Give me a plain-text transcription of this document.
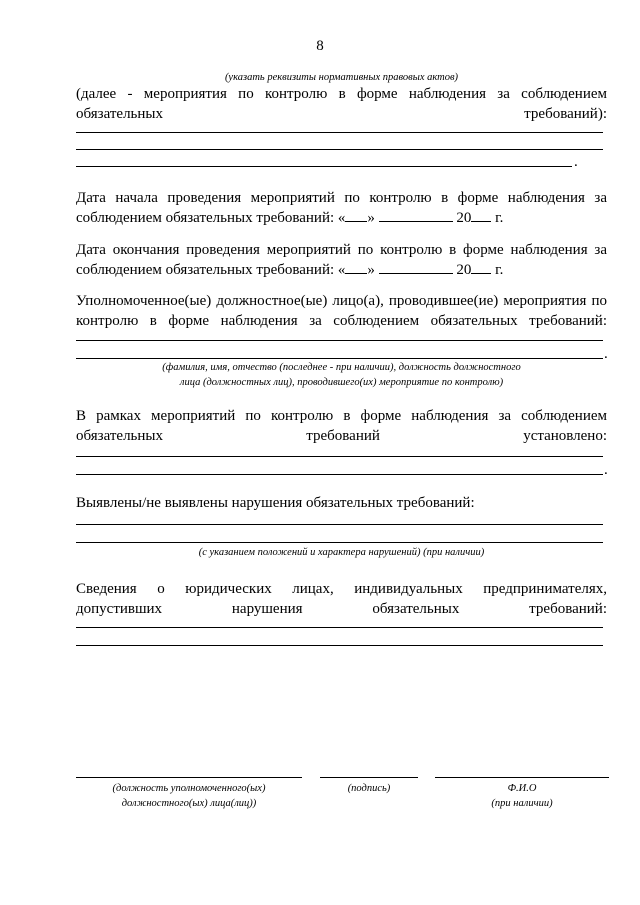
8
(указать реквизиты нормативных правовых актов)
(далее - мероприятия по контролю в форме наблюдения за соблюдением обязательных требований):
.
Дата начала проведения мероприятий по контролю в форме наблюдения за соблюдением обязательных требований: « »	20 г.
Дата окончания проведения мероприятий по контролю в форме наблюдения за соблюдением обязательных требований: « »	20 г.
Уполномоченное(ые) должностное(ые) лицо(а), проводившее(ие) мероприятия по контролю в форме наблюдения за соблюдением обязательных требований:
.
(фамилия, имя, отчество (последнее - при наличии), должность должностного
лица (должностных лиц), проводившего(их) мероприятие по контролю)
В рамках мероприятий по контролю в форме наблюдения за соблюдением обязательных требований установлено:
.
Выявлены/не выявлены нарушения обязательных требований:
(с указанием положений и характера нарушений) (при наличии)
Сведения о юридических лицах, индивидуальных предпринимателях, допустивших нарушения обязательных требований:
(должность уполномоченного(ых)
должностного(ых) лица(лиц))
(подпись)	Ф.И.О
(при наличии)
